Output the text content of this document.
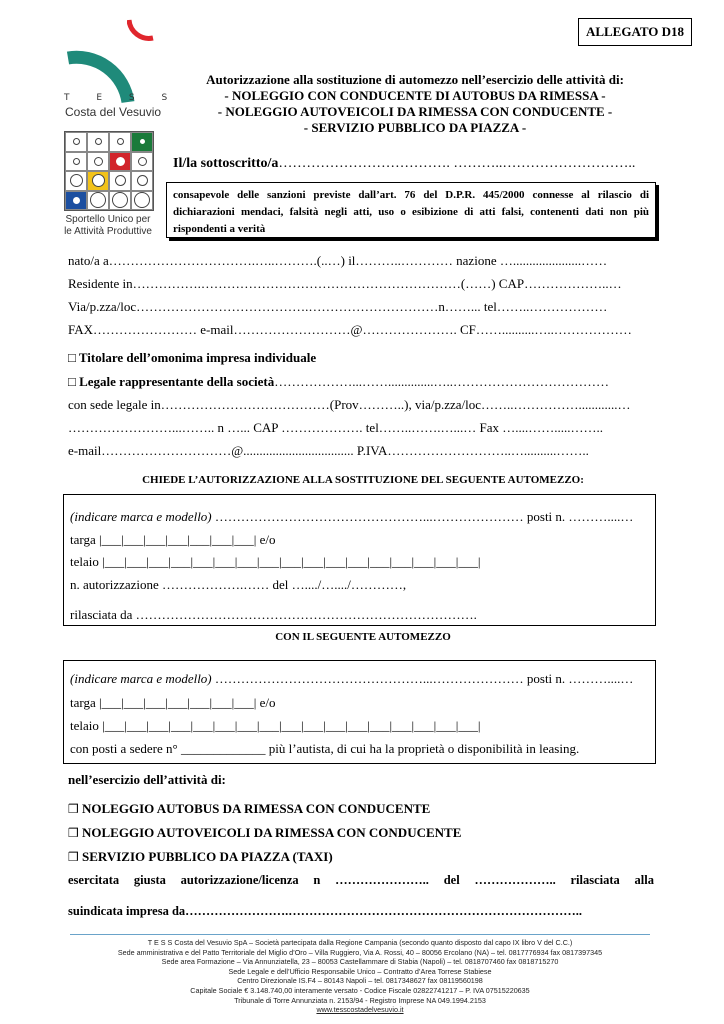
ALLEGATO D18
T E S S
Costa del Vesuvio
Sportello Unico per
le Attività Produttive
Autorizzazione alla sostituzione di automezzo nell’esercizio delle attività di:
- NOLEGGIO CON CONDUCENTE DI AUTOBUS DA RIMESSA -
- NOLEGGIO AUTOVEICOLI DA RIMESSA CON CONDUCENTE -
- SERVIZIO PUBBLICO DA PIAZZA -
Il/la sottoscritto/a………………………………. ………..………………………..
consapevole delle sanzioni previste dall’art. 76 del D.P.R. 445/2000 connesse al rilascio di dichiarazioni mendaci, falsità negli atti, uso o esibizione di atti falsi, contenenti dati non più rispondenti a verità
nato/a a…………………………….…..……….(..…) il………..………… nazione ….....................……
Residente in…………….……………………………………………………(……) CAP………………..…
Via/p.zza/loc………………………………….…………………………n……... tel……..………………
FAX…………………… e-mail………………………@…………………. CF……..........…..………………
□ Titolare dell’omonima impresa individuale
□ Legale rappresentante della società………………...……..............…..………………………………
con sede legale in…………………………………(Prov………..), via/p.zza/loc……..……………............…
……………………...…….. n …... CAP ………………. tel……..…….…...… Fax …....…….....……..
e-mail…………………………@.................................. P.IVA………………………..…..........……..
CHIEDE L’AUTORIZZAZIONE ALLA SOSTITUZIONE DEL SEGUENTE AUTOMEZZO:
(indicare marca e modello) …………………………………………...………………… posti n. ………....…
targa |___|___|___|___|___|___|___| e/o
telaio |___|___|___|___|___|___|___|___|___|___|___|___|___|___|___|___|___|
n. autorizzazione ……………….…… del …..../…..../…………,
rilasciata da …………………………………………………………………….
CON IL SEGUENTE AUTOMEZZO
(indicare marca e modello) …………………………………………...………………… posti n. ………....…
targa |___|___|___|___|___|___|___| e/o
telaio |___|___|___|___|___|___|___|___|___|___|___|___|___|___|___|___|___|
con posti a sedere n° _____________ più l’autista, di cui ha la proprietà o disponibilità in leasing.
nell’esercizio dell’attività di:
❒ NOLEGGIO AUTOBUS DA RIMESSA CON CONDUCENTE
❒ NOLEGGIO AUTOVEICOLI DA RIMESSA CON CONDUCENTE
❒ SERVIZIO PUBBLICO DA PIAZZA (TAXI)
esercitata giusta autorizzazione/licenza n ………………….. del ……………….. rilasciata alla
suindicata impresa da…………………….……………………………………………………………..
T E S S Costa del Vesuvio SpA – Società partecipata dalla Regione Campania (secondo quanto disposto dal capo IX libro V del C.C.)
Sede amministrativa e del Patto Territoriale del Miglio d’Oro – Villa Ruggiero, Via A. Rossi, 40 – 80056 Ercolano (NA) – tel. 0817776934 fax 0817397345
Sede area Formazione – Via Annunziatella, 23 – 80053 Castellammare di Stabia (Napoli) – tel. 0818707460 fax 0818715270
Sede Legale e dell’Ufficio Responsabile Unico – Contratto d’Area Torrese Stabiese
Centro Direzionale IS.F4 – 80143 Napoli – tel. 0817348627 fax 08119560198
Capitale Sociale € 3.148.740,00 interamente versato - Codice Fiscale 02822741217 – P. IVA 07515220635
Tribunale di Torre Annunziata n. 2153/94 - Registro Imprese NA 049.1994.2153
www.tesscostadelvesuvio.it
